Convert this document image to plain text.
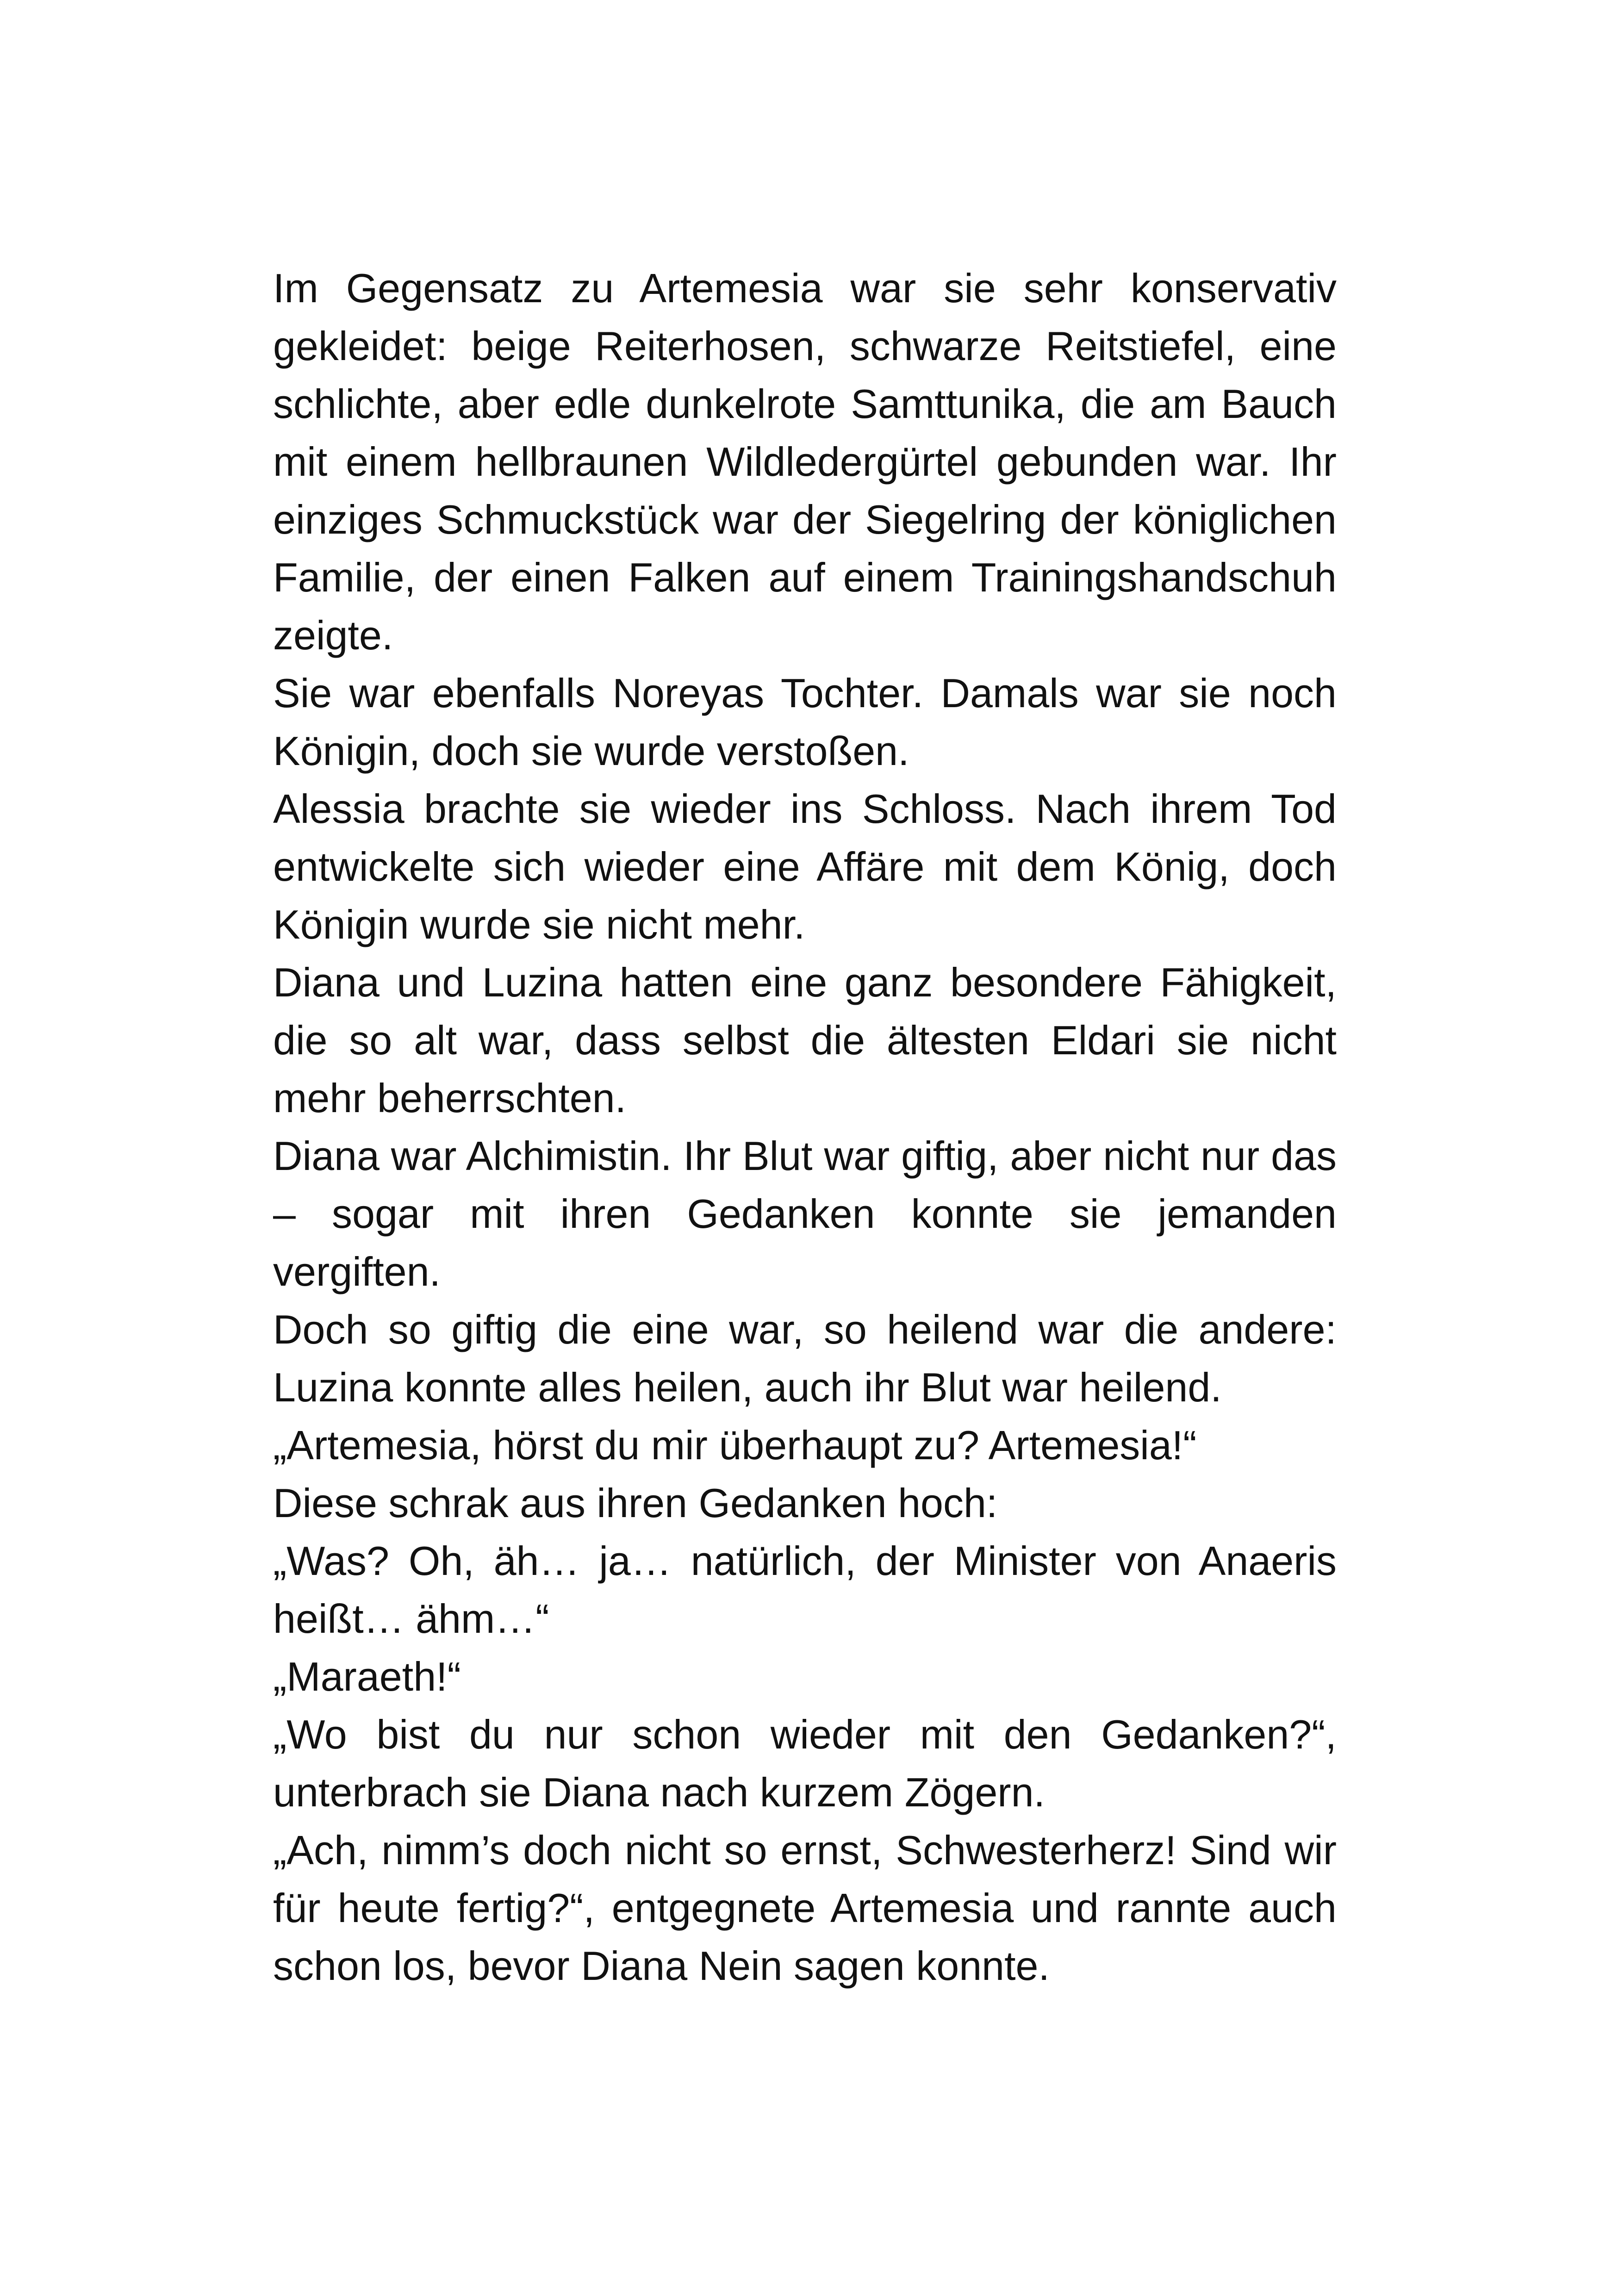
Im Gegensatz zu Artemesia war sie sehr konservativ gekleidet: beige Reiterhosen, schwarze Reitstiefel, eine schlichte, aber edle dunkelrote Samttunika, die am Bauch mit einem hellbraunen Wildledergürtel gebunden war. Ihr einziges Schmuckstück war der Siegelring der königlichen Familie, der einen Falken auf einem Trainingshandschuh zeigte.

Sie war ebenfalls Noreyas Tochter. Damals war sie noch Königin, doch sie wurde verstoßen.

Alessia brachte sie wieder ins Schloss. Nach ihrem Tod entwickelte sich wieder eine Affäre mit dem König, doch Königin wurde sie nicht mehr.

Diana und Luzina hatten eine ganz besondere Fähigkeit, die so alt war, dass selbst die ältesten Eldari sie nicht mehr beherrschten.

Diana war Alchimistin. Ihr Blut war giftig, aber nicht nur das – sogar mit ihren Gedanken konnte sie jemanden vergiften.

Doch so giftig die eine war, so heilend war die andere: Luzina konnte alles heilen, auch ihr Blut war heilend.

„Artemesia, hörst du mir überhaupt zu? Artemesia!“

Diese schrak aus ihren Gedanken hoch:

„Was? Oh, äh… ja… natürlich, der Minister von Anaeris heißt… ähm…“

„Maraeth!“

„Wo bist du nur schon wieder mit den Gedanken?“, unterbrach sie Diana nach kurzem Zögern.

„Ach, nimm’s doch nicht so ernst, Schwesterherz! Sind wir für heute fertig?“, entgegnete Artemesia und rannte auch schon los, bevor Diana Nein sagen konnte.
